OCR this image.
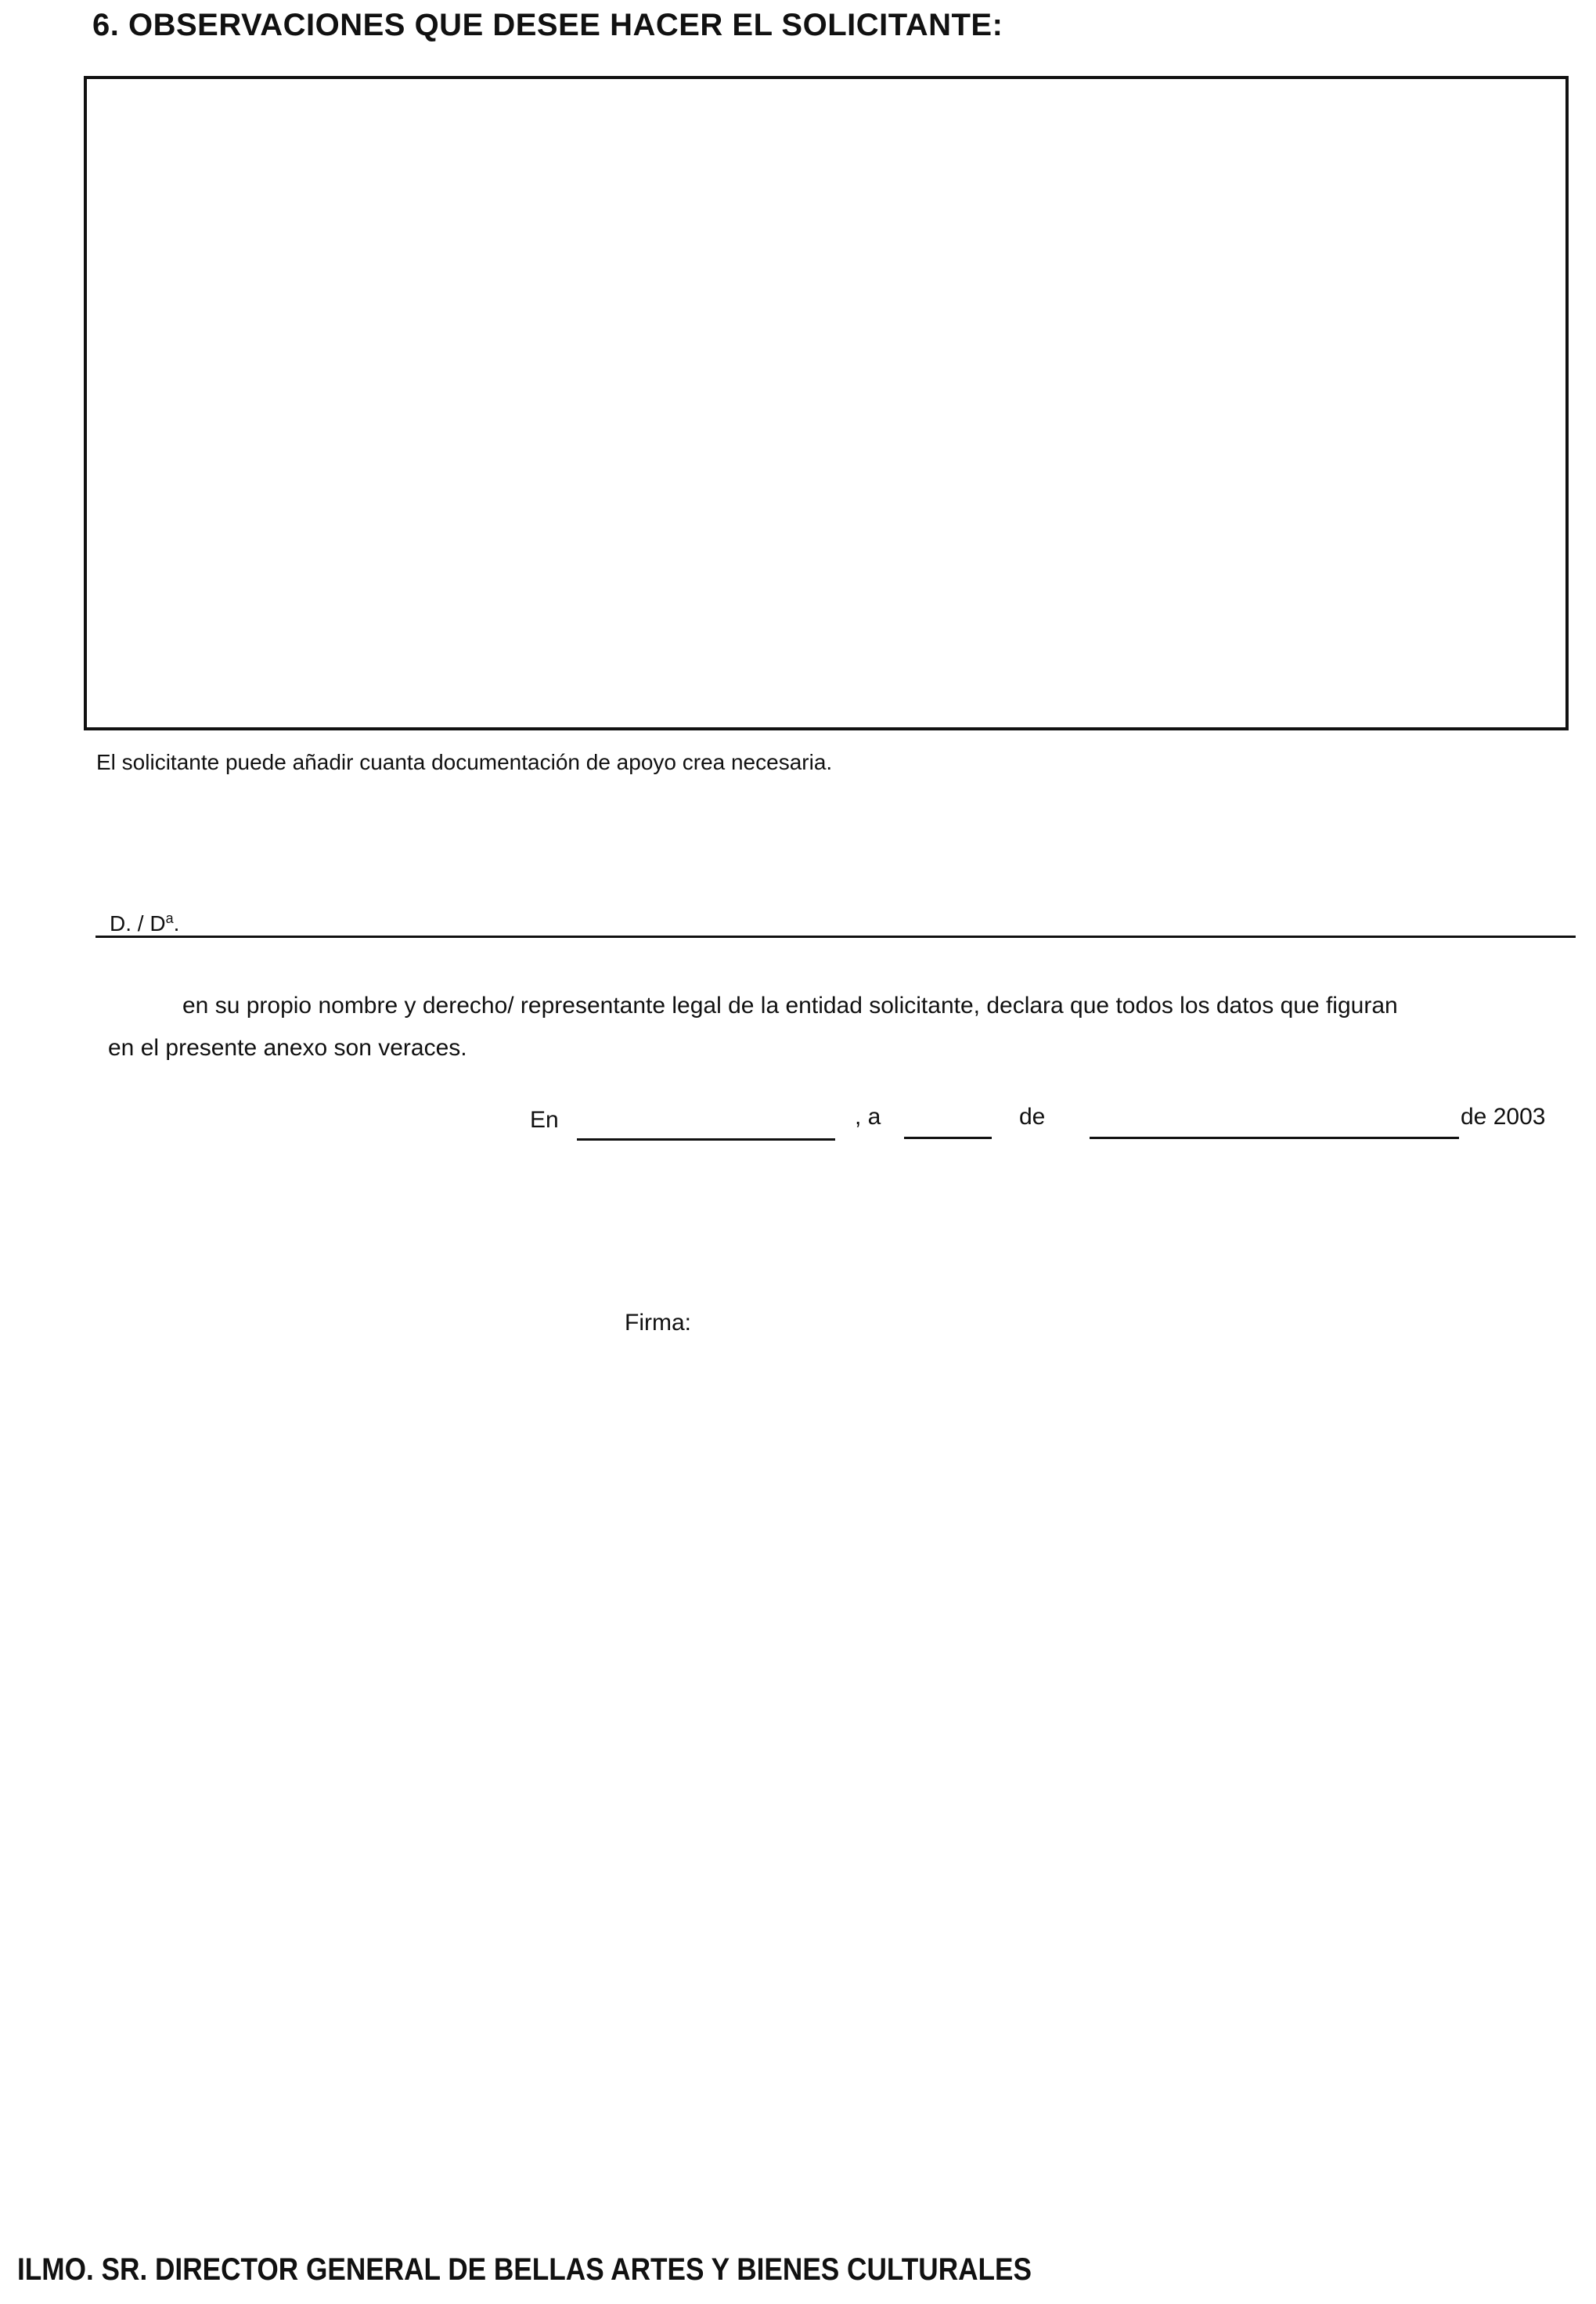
6. OBSERVACIONES QUE DESEE HACER EL SOLICITANTE:
El solicitante puede añadir cuanta documentación de apoyo crea necesaria.
D. / $D^a$.
en su propio nombre y derecho/ representante legal de la entidad solicitante, declara que todos los datos que figuran
en el presente anexo son veraces.
En	, a	de	de 2003
Firma:
ILMO. SR. DIRECTOR GENERAL DE BELLAS ARTES Y BIENES CULTURALES
